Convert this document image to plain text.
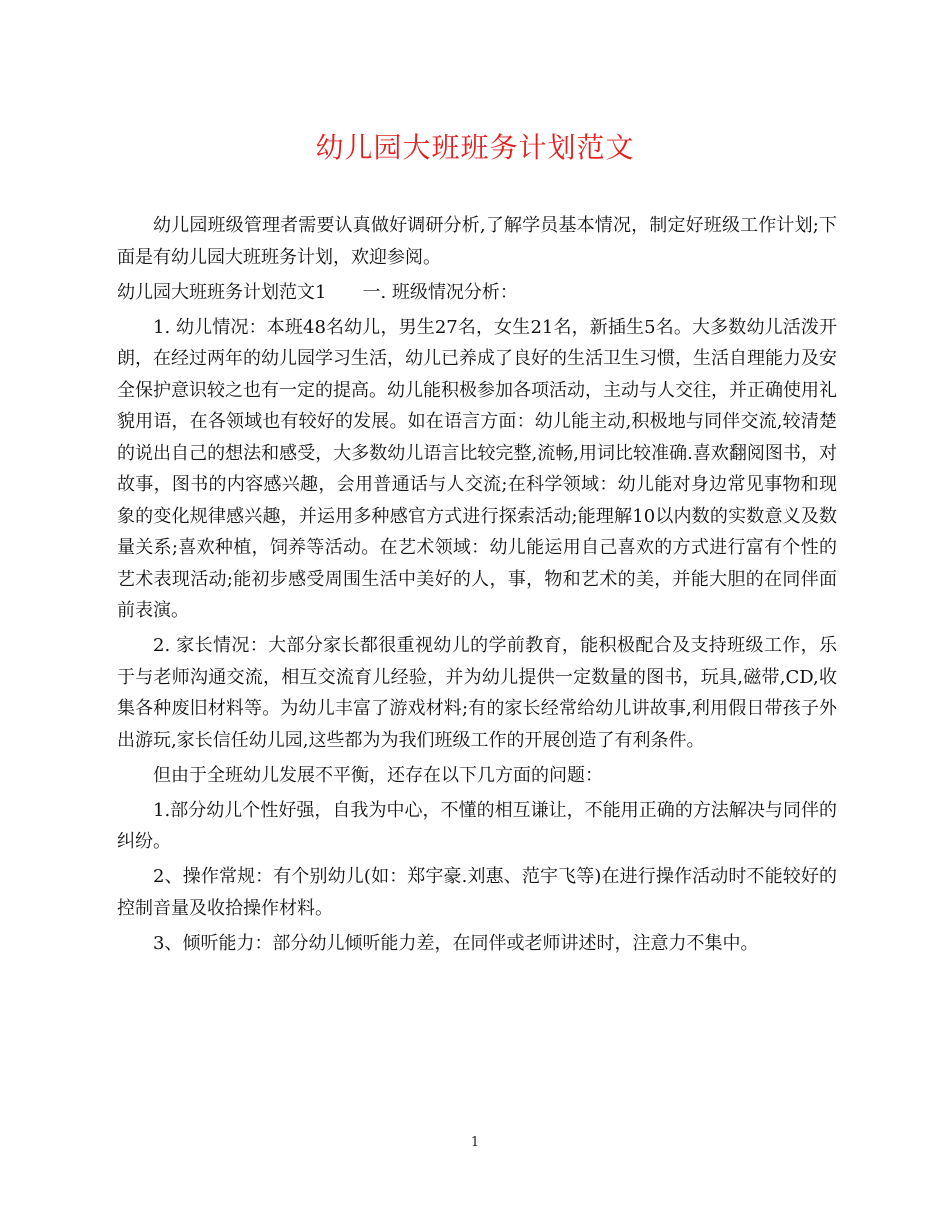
幼儿园大班班务计划范文

幼儿园班级管理者需要认真做好调研分析,了解学员基本情况，制定好班级工作计划;下面是有幼儿园大班班务计划，欢迎参阅。

幼儿园大班班务计划范文1　　一. 班级情况分析：

1. 幼儿情况：本班48名幼儿，男生27名，女生21名，新插生5名。大多数幼儿活泼开朗，在经过两年的幼儿园学习生活，幼儿已养成了良好的生活卫生习惯，生活自理能力及安全保护意识较之也有一定的提高。幼儿能积极参加各项活动，主动与人交往，并正确使用礼貌用语，在各领域也有较好的发展。如在语言方面：幼儿能主动,积极地与同伴交流,较清楚的说出自己的想法和感受，大多数幼儿语言比较完整,流畅,用词比较准确.喜欢翻阅图书，对故事，图书的内容感兴趣，会用普通话与人交流;在科学领域：幼儿能对身边常见事物和现象的变化规律感兴趣，并运用多种感官方式进行探索活动;能理解10以内数的实数意义及数量关系;喜欢种植，饲养等活动。在艺术领域：幼儿能运用自己喜欢的方式进行富有个性的艺术表现活动;能初步感受周围生活中美好的人，事，物和艺术的美，并能大胆的在同伴面前表演。

2. 家长情况：大部分家长都很重视幼儿的学前教育，能积极配合及支持班级工作，乐于与老师沟通交流，相互交流育儿经验，并为幼儿提供一定数量的图书，玩具,磁带,CD,收集各种废旧材料等。为幼儿丰富了游戏材料;有的家长经常给幼儿讲故事,利用假日带孩子外出游玩,家长信任幼儿园,这些都为为我们班级工作的开展创造了有利条件。

但由于全班幼儿发展不平衡，还存在以下几方面的问题：

1.部分幼儿个性好强，自我为中心，不懂的相互谦让，不能用正确的方法解决与同伴的纠纷。

2、操作常规：有个别幼儿(如：郑宇豪.刘惠、范宇飞等)在进行操作活动时不能较好的控制音量及收拾操作材料。

3、倾听能力：部分幼儿倾听能力差，在同伴或老师讲述时，注意力不集中。

1
